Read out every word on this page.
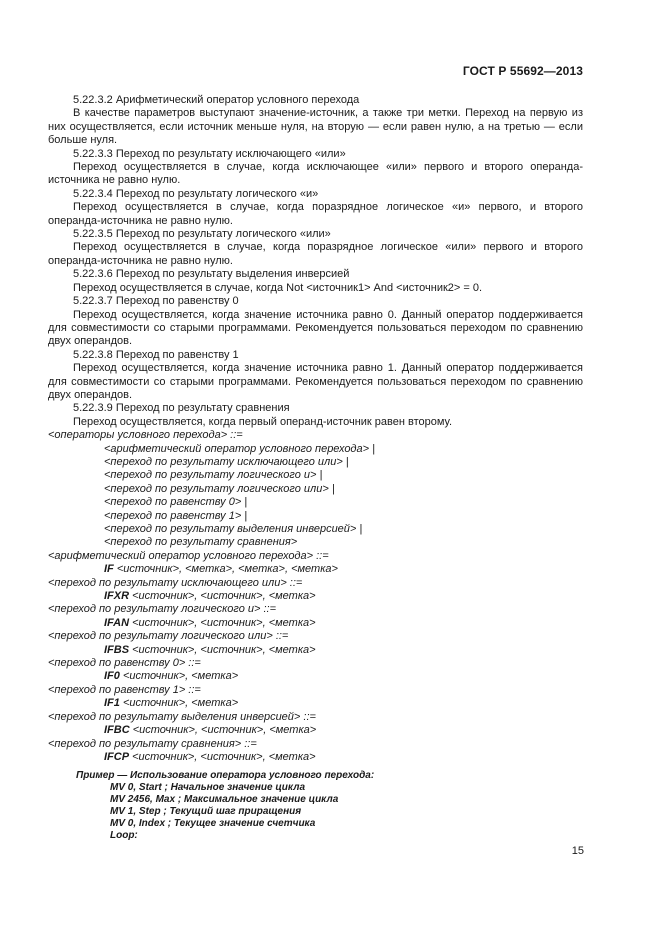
ГОСТ Р 55692—2013

5.22.3.2 Арифметический оператор условного перехода

В качестве параметров выступают значение-источник, а также три метки. Переход на первую из них осуществляется, если источник меньше нуля, на вторую — если равен нулю, а на третью — если больше нуля.

5.22.3.3 Переход по результату исключающего «или»

Переход осуществляется в случае, когда исключающее «или» первого и второго операнда-источника не равно нулю.

5.22.3.4 Переход по результату логического «и»

Переход осуществляется в случае, когда поразрядное логическое «и» первого, и второго операнда-источника не равно нулю.

5.22.3.5 Переход по результату логического «или»

Переход осуществляется в случае, когда поразрядное логическое «или» первого и второго операнда-источника не равно нулю.

5.22.3.6 Переход по результату выделения инверсией

Переход осуществляется в случае, когда Not <источник1> And <источник2> = 0.

5.22.3.7 Переход по равенству 0

Переход осуществляется, когда значение источника равно 0. Данный оператор поддерживается для совместимости со старыми программами. Рекомендуется пользоваться переходом по сравнению двух операндов.

5.22.3.8 Переход по равенству 1

Переход осуществляется, когда значение источника равно 1. Данный оператор поддерживается для совместимости со старыми программами. Рекомендуется пользоваться переходом по сравнению двух операндов.

5.22.3.9 Переход по результату сравнения

Переход осуществляется, когда первый операнд-источник равен второму.

<операторы условного перехода> ::=

<арифметический оператор условного перехода> |

<переход по результату исключающего или> |

<переход по результату логического и> |

<переход по результату логического или> |

<переход по равенству 0> |

<переход по равенству 1> |

<переход по результату выделения инверсией> |

<переход по результату сравнения>

<арифметический оператор условного перехода> ::=

IF <источник>, <метка>, <метка>, <метка>

<переход по результату исключающего или> ::=

IFXR <источник>, <источник>, <метка>

<переход по результату логического и> ::=

IFAN <источник>, <источник>, <метка>

<переход по результату логического или> ::=

IFBS <источник>, <источник>, <метка>

<переход по равенству 0> ::=

IF0 <источник>, <метка>

<переход по равенству 1> ::=

IF1 <источник>, <метка>

<переход по результату выделения инверсией> ::=

IFBC <источник>, <источник>, <метка>

<переход по результату сравнения> ::=

IFCP <источник>, <источник>, <метка>

Пример — Использование оператора условного перехода:

MV 0, Start ; Начальное значение цикла

MV 2456, Max ; Максимальное значение цикла

MV 1, Step ; Текущий шаг приращения

MV 0, Index ; Текущее значение счетчика

Loop:

15
